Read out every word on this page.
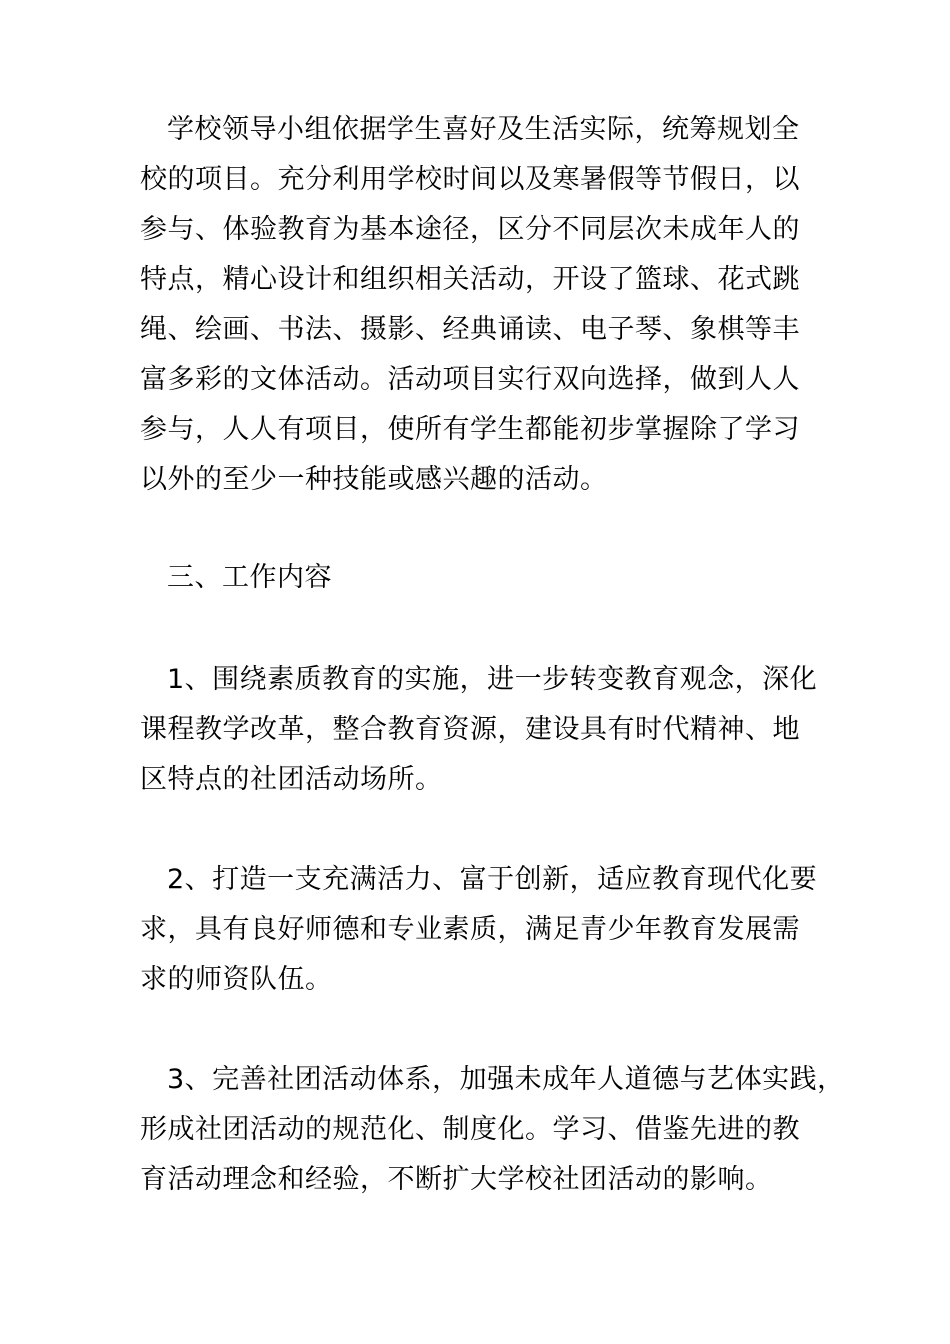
学校领导小组依据学生喜好及生活实际，统筹规划全
校的项目。充分利用学校时间以及寒暑假等节假日，以
参与、体验教育为基本途径，区分不同层次未成年人的
特点，精心设计和组织相关活动，开设了篮球、花式跳
绳、绘画、书法、摄影、经典诵读、电子琴、象棋等丰
富多彩的文体活动。活动项目实行双向选择，做到人人
参与，人人有项目，使所有学生都能初步掌握除了学习
以外的至少一种技能或感兴趣的活动。
三、工作内容
1、围绕素质教育的实施，进一步转变教育观念，深化
课程教学改革，整合教育资源，建设具有时代精神、地
区特点的社团活动场所。
2、打造一支充满活力、富于创新，适应教育现代化要
求，具有良好师德和专业素质，满足青少年教育发展需
求的师资队伍。
3、完善社团活动体系，加强未成年人道德与艺体实践，
形成社团活动的规范化、制度化。学习、借鉴先进的教
育活动理念和经验，不断扩大学校社团活动的影响。
